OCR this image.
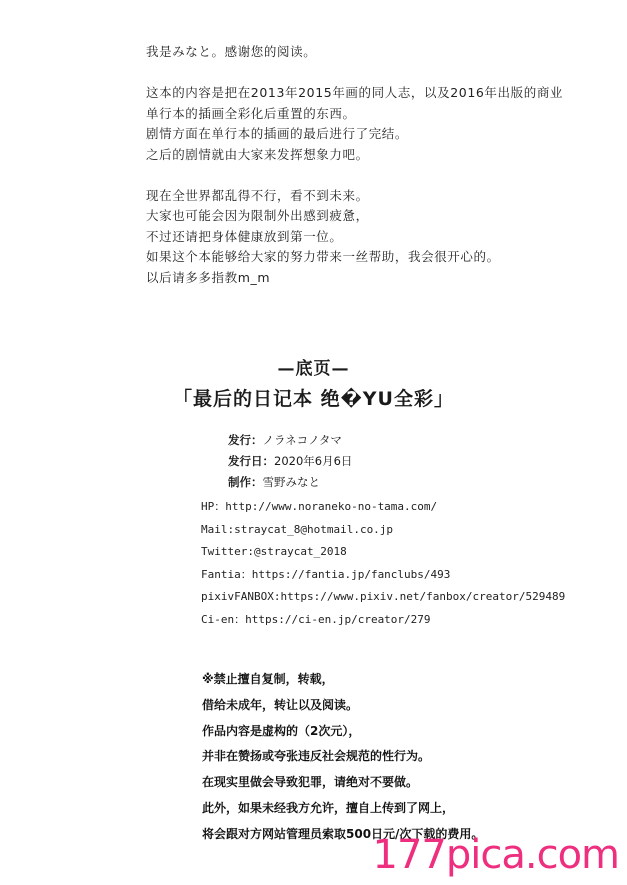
我是みなと。感谢您的阅读。
这本的内容是把在2013年2015年画的同人志，以及2016年出版的商业
单行本的插画全彩化后重置的东西。
剧情方面在单行本的插画的最后进行了完结。
之后的剧情就由大家来发挥想象力吧。
现在全世界都乱得不行，看不到未来。
大家也可能会因为限制外出感到疲惫，
不过还请把身体健康放到第一位。
如果这个本能够给大家的努力带来一丝帮助，我会很开心的。
以后请多多指教m_m
—底页—
「最后的日记本 绝�YU全彩」
发行：ノラネコノタマ
发行日：2020年6月6日
制作：雪野みなと
HP：http://www.noraneko-no-tama.com/
Mail:straycat_8@hotmail.co.jp
Twitter:@straycat_2018
Fantia：https://fantia.jp/fanclubs/493
pixivFANBOX:https://www.pixiv.net/fanbox/creator/529489
Ci-en：https://ci-en.jp/creator/279
※禁止擅自复制，转载，
借给未成年，转让以及阅读。
作品内容是虚构的（2次元），
并非在赞扬或夸张违反社会规范的性行为。
在现实里做会导致犯罪，请绝对不要做。
此外，如果未经我方允许，擅自上传到了网上，
将会跟对方网站管理员索取500日元/次下载的费用。
177pica.com
